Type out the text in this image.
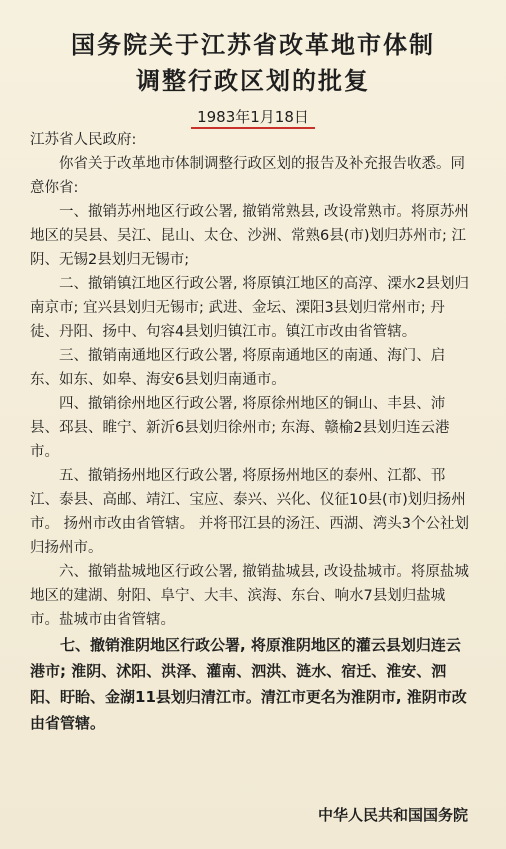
国务院关于江苏省改革地市体制
调整行政区划的批复
1983年1月18日

江苏省人民政府:

你省关于改革地市体制调整行政区划的报告及补充报告收悉。同意你省:

一、撤销苏州地区行政公署, 撤销常熟县, 改设常熟市。将原苏州地区的吴县、吴江、昆山、太仓、沙洲、常熟6县(市)划归苏州市; 江阴、无锡2县划归无锡市;

二、撤销镇江地区行政公署, 将原镇江地区的高淳、溧水2县划归南京市; 宜兴县划归无锡市; 武进、金坛、溧阳3县划归常州市; 丹徒、丹阳、扬中、句容4县划归镇江市。镇江市改由省管辖。

三、撤销南通地区行政公署, 将原南通地区的南通、海门、启东、如东、如皋、海安6县划归南通市。

四、撤销徐州地区行政公署, 将原徐州地区的铜山、丰县、沛县、邳县、睢宁、新沂6县划归徐州市; 东海、赣榆2县划归连云港市。

五、撤销扬州地区行政公署, 将原扬州地区的泰州、江都、邗江、泰县、高邮、靖江、宝应、泰兴、兴化、仪征10县(市)划归扬州市。 扬州市改由省管辖。 并将邗江县的汤汪、西湖、湾头3个公社划归扬州市。

六、撤销盐城地区行政公署, 撤销盐城县, 改设盐城市。将原盐城地区的建湖、射阳、阜宁、大丰、滨海、东台、响水7县划归盐城市。盐城市由省管辖。

七、撤销淮阴地区行政公署, 将原淮阴地区的灌云县划归连云港市; 淮阴、沭阳、洪泽、灌南、泗洪、涟水、宿迁、淮安、泗阳、盱眙、金湖11县划归清江市。清江市更名为淮阴市, 淮阴市改由省管辖。

中华人民共和国国务院
